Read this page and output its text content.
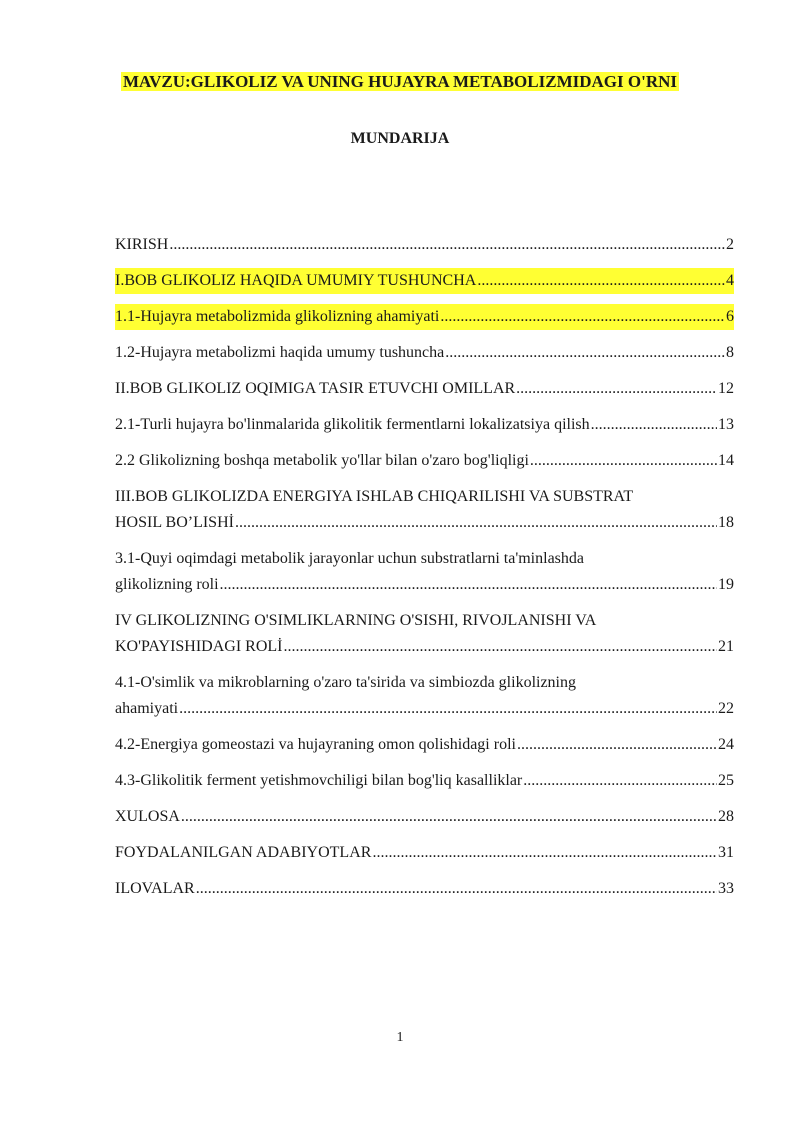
MAVZU:GLIKOLIZ VA UNING HUJAYRA METABOLIZMIDAGI O'RNI
MUNDARIJA
KIRISH .....	2
I.BOB GLIKOLIZ HAQIDA UMUMIY TUSHUNCHA .....	4
1.1-Hujayra metabolizmida glikolizning ahamiyati .....	6
1.2-Hujayra metabolizmi haqida umumy tushuncha .....	8
II.BOB GLIKOLIZ OQIMIGA TASIR ETUVCHI OMILLAR .....	12
2.1-Turli hujayra bo'linmalarida glikolitik fermentlarni lokalizatsiya qilish .....	13
2.2 Glikolizning boshqa metabolik yo'llar bilan o'zaro bog'liqligi .....	14
III.BOB GLIKOLIZDA ENERGIYA ISHLAB CHIQARILISHI VA SUBSTRAT
HOSIL BO’LISHİ .....	18
3.1-Quyi oqimdagi metabolik jarayonlar uchun substratlarni ta'minlashda
glikolizning roli .....	19
IV GLIKOLIZNING O'SIMLIKLARNING O'SISHI, RIVOJLANISHI VA
KO'PAYISHIDAGI ROLİ .....	21
4.1-O'simlik va mikroblarning o'zaro ta'sirida va simbiozda glikolizning
ahamiyati .....	22
4.2-Energiya gomeostazi va hujayraning omon qolishidagi roli .....	24
4.3-Glikolitik ferment yetishmovchiligi bilan bog'liq kasalliklar .....	25
XULOSA .....	28
FOYDALANILGAN ADABIYOTLAR .....	31
ILOVALAR .....	33
1
